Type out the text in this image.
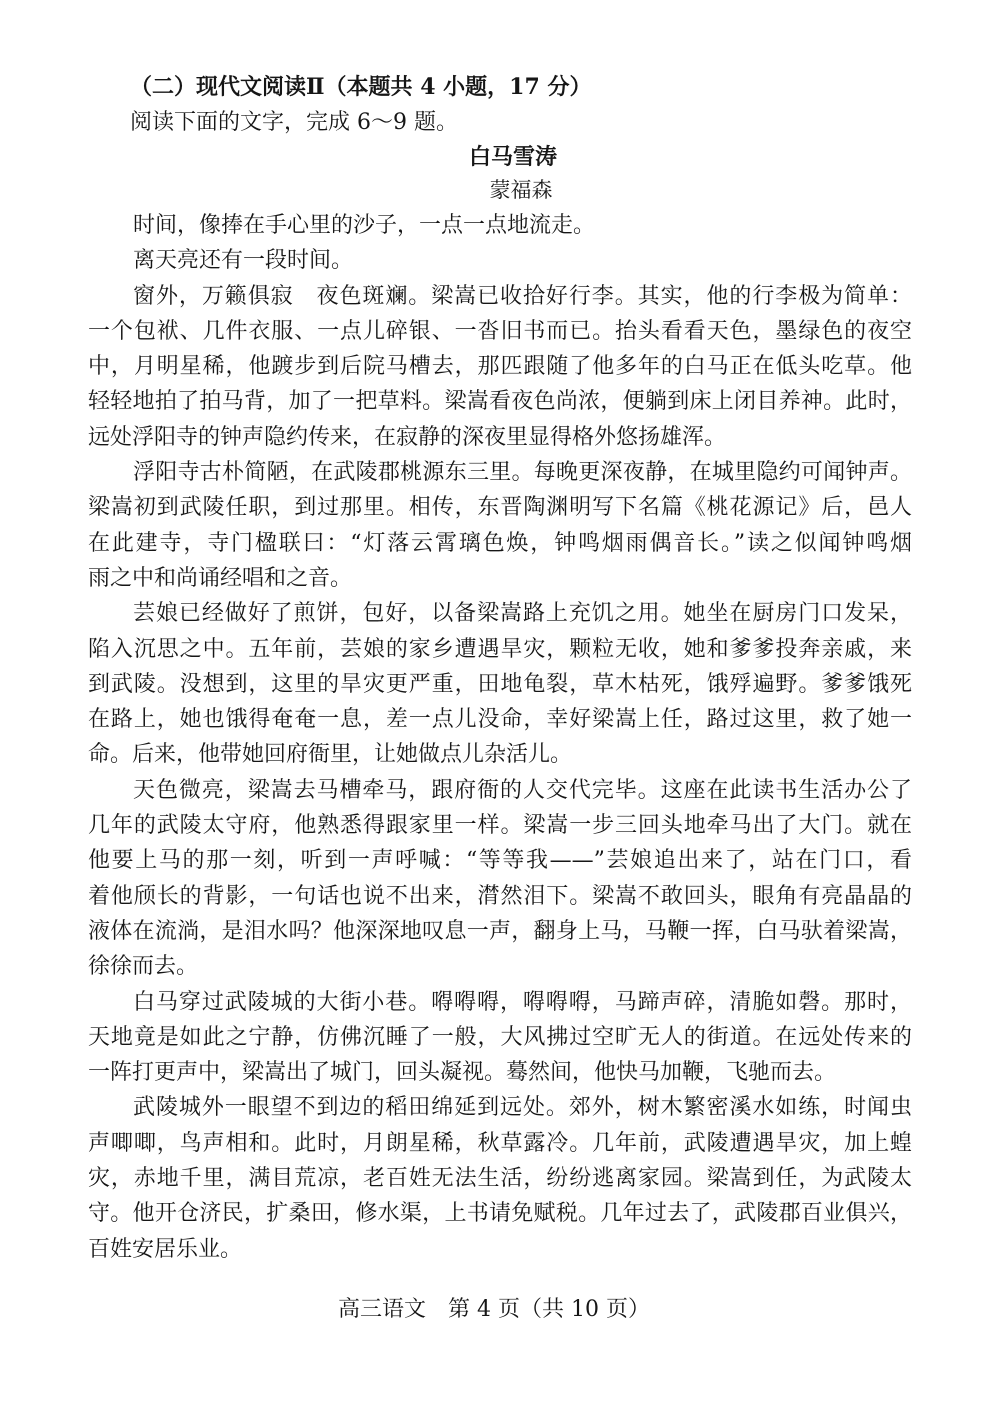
（二）现代文阅读Ⅱ（本题共 4 小题，17 分）
阅读下面的文字，完成 6～9 题。
白马雪涛
蒙福森
时间，像捧在手心里的沙子，一点一点地流走。
离天亮还有一段时间。
窗外，万籁俱寂　夜色斑斓。梁嵩已收拾好行李。其实，他的行李极为简单：
一个包袱、几件衣服、一点儿碎银、一沓旧书而已。抬头看看天色，墨绿色的夜空
中，月明星稀，他踱步到后院马槽去，那匹跟随了他多年的白马正在低头吃草。他
轻轻地拍了拍马背，加了一把草料。梁嵩看夜色尚浓，便躺到床上闭目养神。此时，
远处浮阳寺的钟声隐约传来，在寂静的深夜里显得格外悠扬雄浑。
浮阳寺古朴简陋，在武陵郡桃源东三里。每晚更深夜静，在城里隐约可闻钟声。
梁嵩初到武陵任职，到过那里。相传，东晋陶渊明写下名篇《桃花源记》后，邑人
在此建寺，寺门楹联曰：“灯落云霄璃色焕，钟鸣烟雨偶音长。”读之似闻钟鸣烟
雨之中和尚诵经唱和之音。
芸娘已经做好了煎饼，包好，以备梁嵩路上充饥之用。她坐在厨房门口发呆，
陷入沉思之中。五年前，芸娘的家乡遭遇旱灾，颗粒无收，她和爹爹投奔亲戚，来
到武陵。没想到，这里的旱灾更严重，田地龟裂，草木枯死，饿殍遍野。爹爹饿死
在路上，她也饿得奄奄一息，差一点儿没命，幸好梁嵩上任，路过这里，救了她一
命。后来，他带她回府衙里，让她做点儿杂活儿。
天色微亮，梁嵩去马槽牵马，跟府衙的人交代完毕。这座在此读书生活办公了
几年的武陵太守府，他熟悉得跟家里一样。梁嵩一步三回头地牵马出了大门。就在
他要上马的那一刻，听到一声呼喊：“等等我——”芸娘追出来了，站在门口，看
着他颀长的背影，一句话也说不出来，潸然泪下。梁嵩不敢回头，眼角有亮晶晶的
液体在流淌，是泪水吗？他深深地叹息一声，翻身上马，马鞭一挥，白马驮着梁嵩，
徐徐而去。
白马穿过武陵城的大街小巷。嘚嘚嘚，嘚嘚嘚，马蹄声碎，清脆如磬。那时，
天地竟是如此之宁静，仿佛沉睡了一般，大风拂过空旷无人的街道。在远处传来的
一阵打更声中，梁嵩出了城门，回头凝视。蓦然间，他快马加鞭，飞驰而去。
武陵城外一眼望不到边的稻田绵延到远处。郊外，树木繁密溪水如练，时闻虫
声唧唧，鸟声相和。此时，月朗星稀，秋草露冷。几年前，武陵遭遇旱灾，加上蝗
灾，赤地千里，满目荒凉，老百姓无法生活，纷纷逃离家园。梁嵩到任，为武陵太
守。他开仓济民，扩桑田，修水渠，上书请免赋税。几年过去了，武陵郡百业俱兴，
百姓安居乐业。
高三语文　第 4 页（共 10 页）
